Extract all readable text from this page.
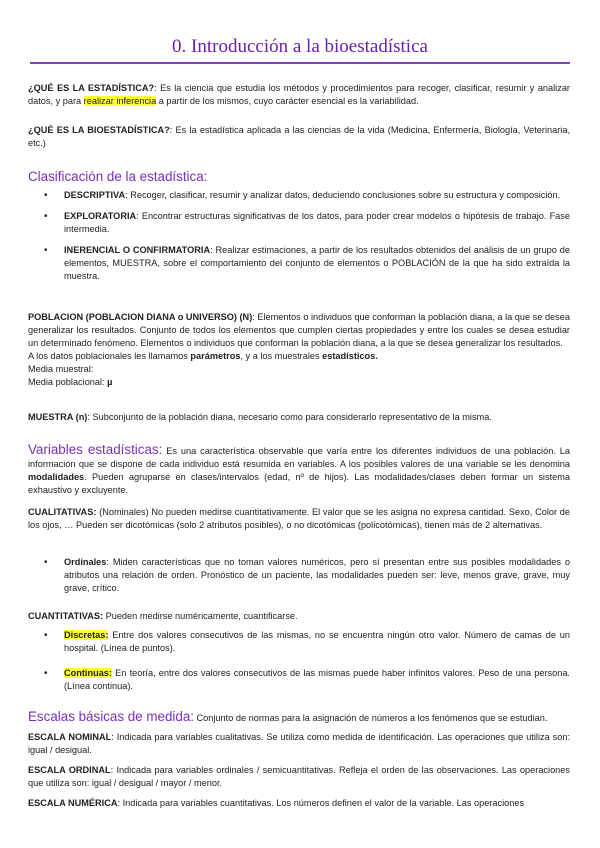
0. Introducción a la bioestadística
¿QUÉ ES LA ESTADÍSTICA?: Es la ciencia que estudia los métodos y procedimientos para recoger, clasificar, resumir y analizar datos, y para realizar inferencia a partir de los mismos, cuyo carácter esencial es la variabilidad.
¿QUÉ ES LA BIOESTADÍSTICA?: Es la estadística aplicada a las ciencias de la vida (Medicina, Enfermería, Biología, Veterinaria, etc.)
Clasificación de la estadística:
• DESCRIPTIVA: Recoger, clasificar, resumir y analizar datos, deduciendo conclusiones sobre su estructura y composición.
• EXPLORATORIA: Encontrar estructuras significativas de los datos, para poder crear modelos o hipótesis de trabajo. Fase intermedia.
• INERENCIAL O CONFIRMATORIA: Realizar estimaciones, a partir de los resultados obtenidos del análisis de un grupo de elementos, MUESTRA, sobre el comportamiento del conjunto de elementos o POBLACIÓN de la que ha sido extraída la muestra.
POBLACION (POBLACION DIANA o UNIVERSO) (N): Elementos o individuos que conforman la población diana, a la que se desea generalizar los resultados. Conjunto de todos los elementos que cumplen ciertas propiedades y entre los cuales se desea estudiar un determinado fenómeno. Elementos o individuos que conforman la población diana, a la que se desea generalizar los resultados.
A los datos poblacionales les llamamos parámetros, y a los muestrales estadísticos.
Media muestral:
Media poblacional: µ
MUESTRA (n): Subconjunto de la población diana, necesario como para considerarlo representativo de la misma.
Variables estadísticas: Es una característica observable que varía entre los diferentes individuos de una población. La información que se dispone de cada individuo está resumida en variables. A los posibles valores de una variable se les denomina modalidades. Pueden agruparse en clases/intervalos (edad, nº de hijos). Las modalidades/clases deben formar un sistema exhaustivo y excluyente.
CUALITATIVAS: (Nominales) No pueden medirse cuantitativamente. El valor que se les asigna no expresa cantidad. Sexo, Color de los ojos, … Pueden ser dicotómicas (solo 2 atributos posibles), o no dicotómicas (policotómicas), tienen más de 2 alternativas.
• Ordinales: Miden características que no toman valores numéricos, pero sí presentan entre sus posibles modalidades o atributos una relación de orden. Pronóstico de un paciente, las modalidades pueden ser: leve, menos grave, grave, muy grave, crítico.
CUANTITATIVAS: Pueden medirse numéricamente, cuantificarse.
• Discretas: Entre dos valores consecutivos de las mismas, no se encuentra ningún otro valor. Número de camas de un hospital. (Línea de puntos).
• Continuas: En teoría, entre dos valores consecutivos de las mismas puede haber infinitos valores. Peso de una persona. (Línea continua).
Escalas básicas de medida: Conjunto de normas para la asignación de números a los fenómenos que se estudian.
ESCALA NOMINAL: Indicada para variables cualitativas. Se utiliza como medida de identificación. Las operaciones que utiliza son: igual / desigual.
ESCALA ORDINAL: Indicada para variables ordinales / semicuantitativas. Refleja el orden de las observaciones. Las operaciones que utiliza son: igual / desigual / mayor / menor.
ESCALA NUMÉRICA: Indicada para variables cuantitativas. Los números definen el valor de la variable. Las operaciones
